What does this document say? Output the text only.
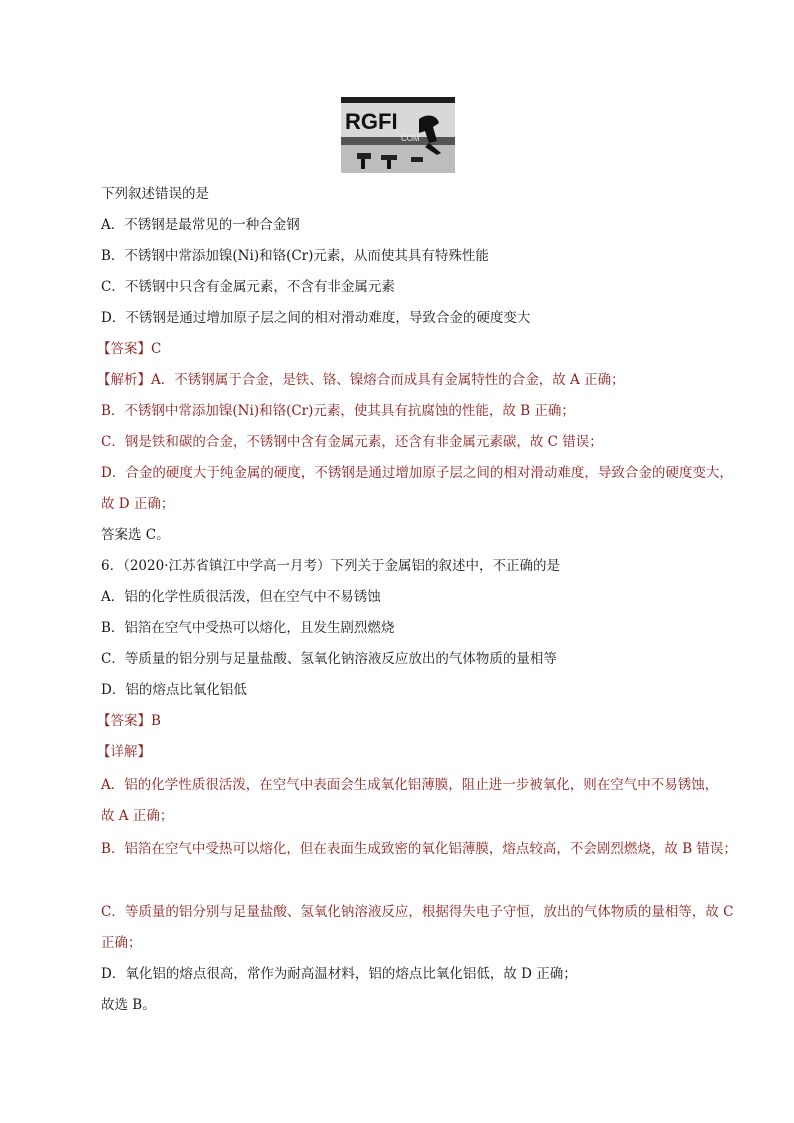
RGFI
COM
下列叙述错误的是
A．不锈钢是最常见的一种合金钢
B．不锈钢中常添加镍(Ni)和铬(Cr)元素，从而使其具有特殊性能
C．不锈钢中只含有金属元素，不含有非金属元素
D．不锈钢是通过增加原子层之间的相对滑动难度，导致合金的硬度变大
【答案】C
【解析】A．不锈钢属于合金，是铁、铬、镍熔合而成具有金属特性的合金，故 A 正确；
B．不锈钢中常添加镍(Ni)和铬(Cr)元素，使其具有抗腐蚀的性能，故 B 正确；
C．钢是铁和碳的合金，不锈钢中含有金属元素，还含有非金属元素碳，故 C 错误；
D．合金的硬度大于纯金属的硬度，不锈钢是通过增加原子层之间的相对滑动难度，导致合金的硬度变大，
故 D 正确；
答案选 C。
6．（2020·江苏省镇江中学高一月考）下列关于金属铝的叙述中，不正确的是
A．铝的化学性质很活泼，但在空气中不易锈蚀
B．铝箔在空气中受热可以熔化，且发生剧烈燃烧
C．等质量的铝分别与足量盐酸、氢氧化钠溶液反应放出的气体物质的量相等
D．铝的熔点比氧化铝低
【答案】B
【详解】
A．铝的化学性质很活泼，在空气中表面会生成氧化铝薄膜，阻止进一步被氧化，则在空气中不易锈蚀，
故 A 正确；
B．铝箔在空气中受热可以熔化，但在表面生成致密的氧化铝薄膜，熔点较高，不会剧烈燃烧，故 B 错误；
C．等质量的铝分别与足量盐酸、氢氧化钠溶液反应，根据得失电子守恒，放出的气体物质的量相等，故 C
正确；
D．氧化铝的熔点很高，常作为耐高温材料，铝的熔点比氧化铝低，故 D 正确；
故选 B。
